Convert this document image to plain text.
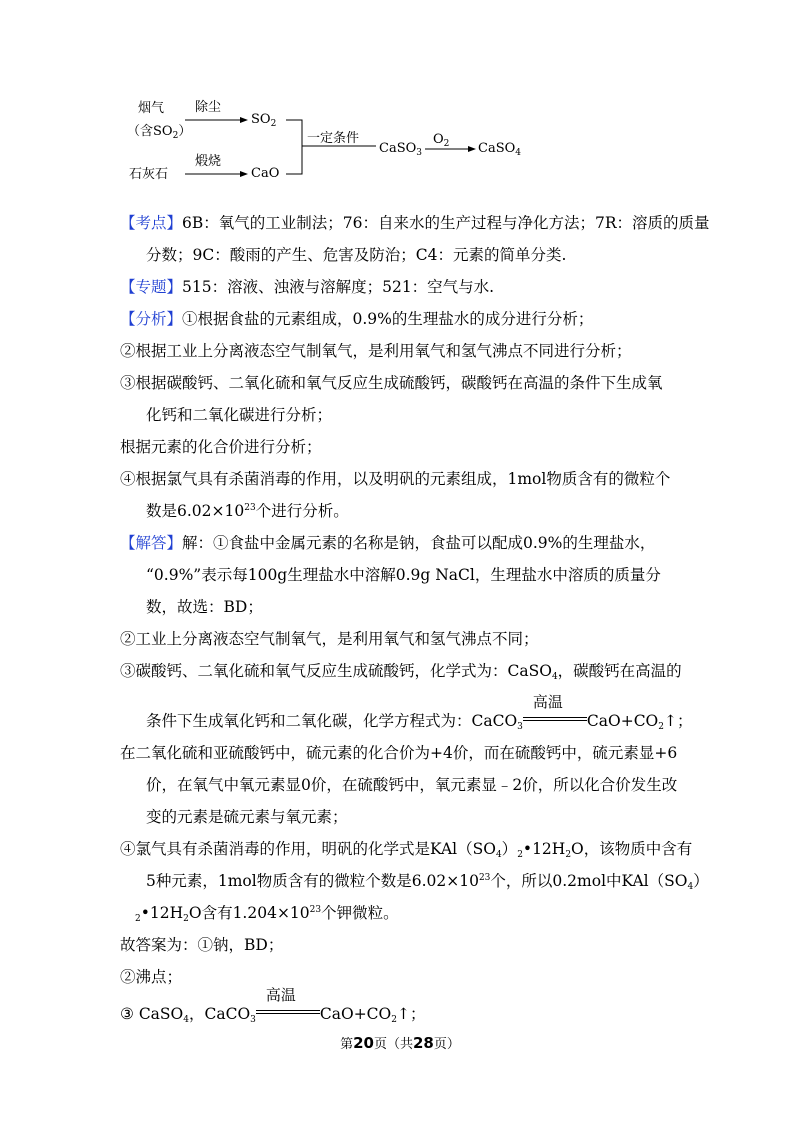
烟气
（含$SO_2$）
除尘
$SO_2$
石灰石
煅烧
CaO
一定条件
CaSO$_3$
$O_2$ CaSO$_4$
【考点】6B：氧气的工业制法；76：自来水的生产过程与净化方法；7R：溶质的质量
分数；9C：酸雨的产生、危害及防治；C4：元素的简单分类.
【专题】515：溶液、浊液与溶解度；521：空气与水.
【分析】①根据食盐的元素组成，0.9%的生理盐水的成分进行分析；
②根据工业上分离液态空气制氧气，是利用氧气和氢气沸点不同进行分析；
③根据碳酸钙、二氧化硫和氧气反应生成硫酸钙，碳酸钙在高温的条件下生成氧
化钙和二氧化碳进行分析；
根据元素的化合价进行分析；
④根据氯气具有杀菌消毒的作用，以及明矾的元素组成，1mol物质含有的微粒个
数是$6.02\times 10^{23}$个进行分析。
【解答】解：①食盐中金属元素的名称是钠，食盐可以配成0.9%的生理盐水，
“0.9%”表示每100g生理盐水中溶解0.9g NaCl，生理盐水中溶质的质量分
数，故选：BD；
②工业上分离液态空气制氧气，是利用氧气和氢气沸点不同；
③碳酸钙、二氧化硫和氧气反应生成硫酸钙，化学式为：CaSO$_4$，碳酸钙在高温的
条件下生成氧化钙和二氧化碳，化学方程式为：CaCO$_3$
高温
$CaO+CO_2↑$；
在二氧化硫和亚硫酸钙中，硫元素的化合价为+4价，而在硫酸钙中，硫元素显+6
价，在氧气中氧元素显0价，在硫酸钙中，氧元素显﹣2价，所以化合价发生改
变的元素是硫元素与氧元素；
④氯气具有杀菌消毒的作用，明矾的化学式是$KAl(SO_4)_2•12H_2O$，该物质中含有
5种元素，1mol物质含有的微粒个数是$6.02\times 10^{23}$个，所以0.2mol中$KAl(SO_4)$
$_2•12H_2O$含有$1.204\times 10^{23}$个钾微粒。
故答案为：①钠，BD；
②沸点；
③ CaSO$_4$，CaCO$_3$
高温
$CaO+CO_2↑$；
第20页（共28页）
